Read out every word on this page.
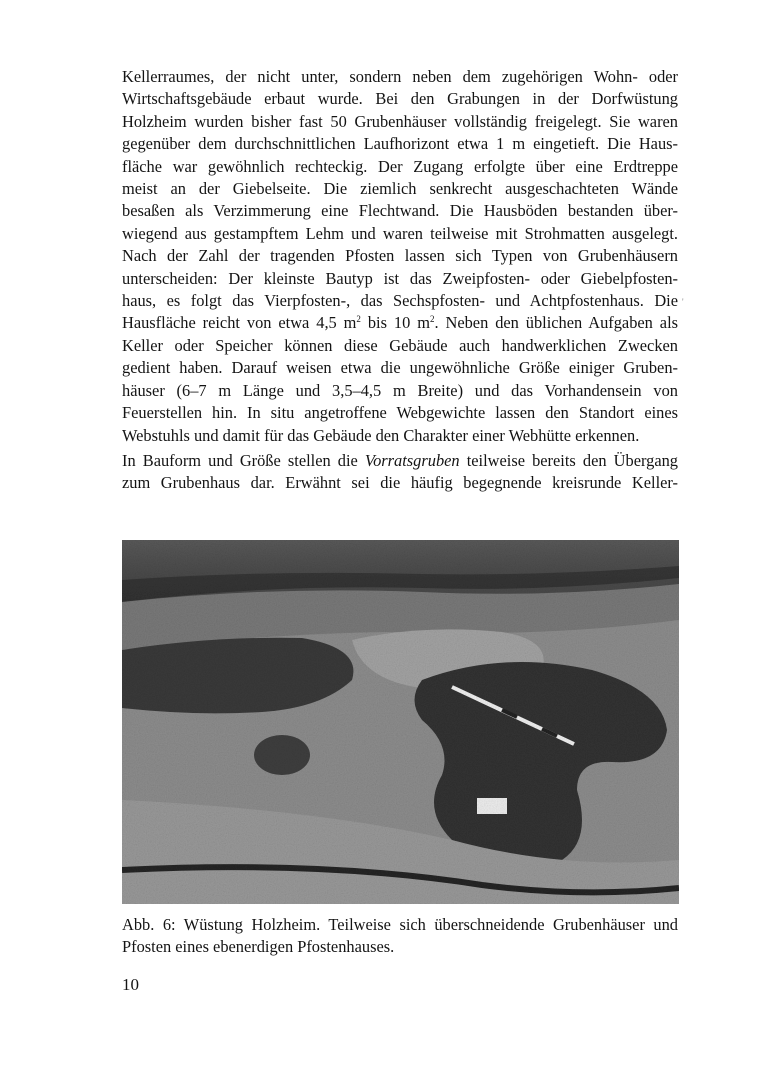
Kellerraumes, der nicht unter, sondern neben dem zugehörigen Wohn- oder
Wirtschaftsgebäude erbaut wurde. Bei den Grabungen in der Dorfwüstung
Holzheim wurden bisher fast 50 Grubenhäuser vollständig freigelegt. Sie waren
gegenüber dem durchschnittlichen Laufhorizont etwa 1 m eingetieft. Die Haus-
fläche war gewöhnlich rechteckig. Der Zugang erfolgte über eine Erdtreppe
meist an der Giebelseite. Die ziemlich senkrecht ausgeschachteten Wände
besaßen als Verzimmerung eine Flechtwand. Die Hausböden bestanden über-
wiegend aus gestampftem Lehm und waren teilweise mit Strohmatten ausgelegt.
Nach der Zahl der tragenden Pfosten lassen sich Typen von Grubenhäusern
unterscheiden: Der kleinste Bautyp ist das Zweipfosten- oder Giebelpfosten-
haus, es folgt das Vierpfosten-, das Sechspfosten- und Achtpfostenhaus. Die
Hausfläche reicht von etwa 4,5 $m^2$ bis 10 $m^2$. Neben den üblichen Aufgaben als
Keller oder Speicher können diese Gebäude auch handwerklichen Zwecken
gedient haben. Darauf weisen etwa die ungewöhnliche Größe einiger Gruben-
häuser (6–7 m Länge und 3,5–4,5 m Breite) und das Vorhandensein von
Feuerstellen hin. In situ angetroffene Webgewichte lassen den Standort eines
Webstuhls und damit für das Gebäude den Charakter einer Webhütte erkennen.
'
In Bauform und Größe stellen die Vorratsgruben teilweise bereits den Übergang
zum Grubenhaus dar. Erwähnt sei die häufig begegnende kreisrunde Keller-
Abb. 6: Wüstung Holzheim. Teilweise sich überschneidende Grubenhäuser und
Pfosten eines ebenerdigen Pfostenhauses.
10
